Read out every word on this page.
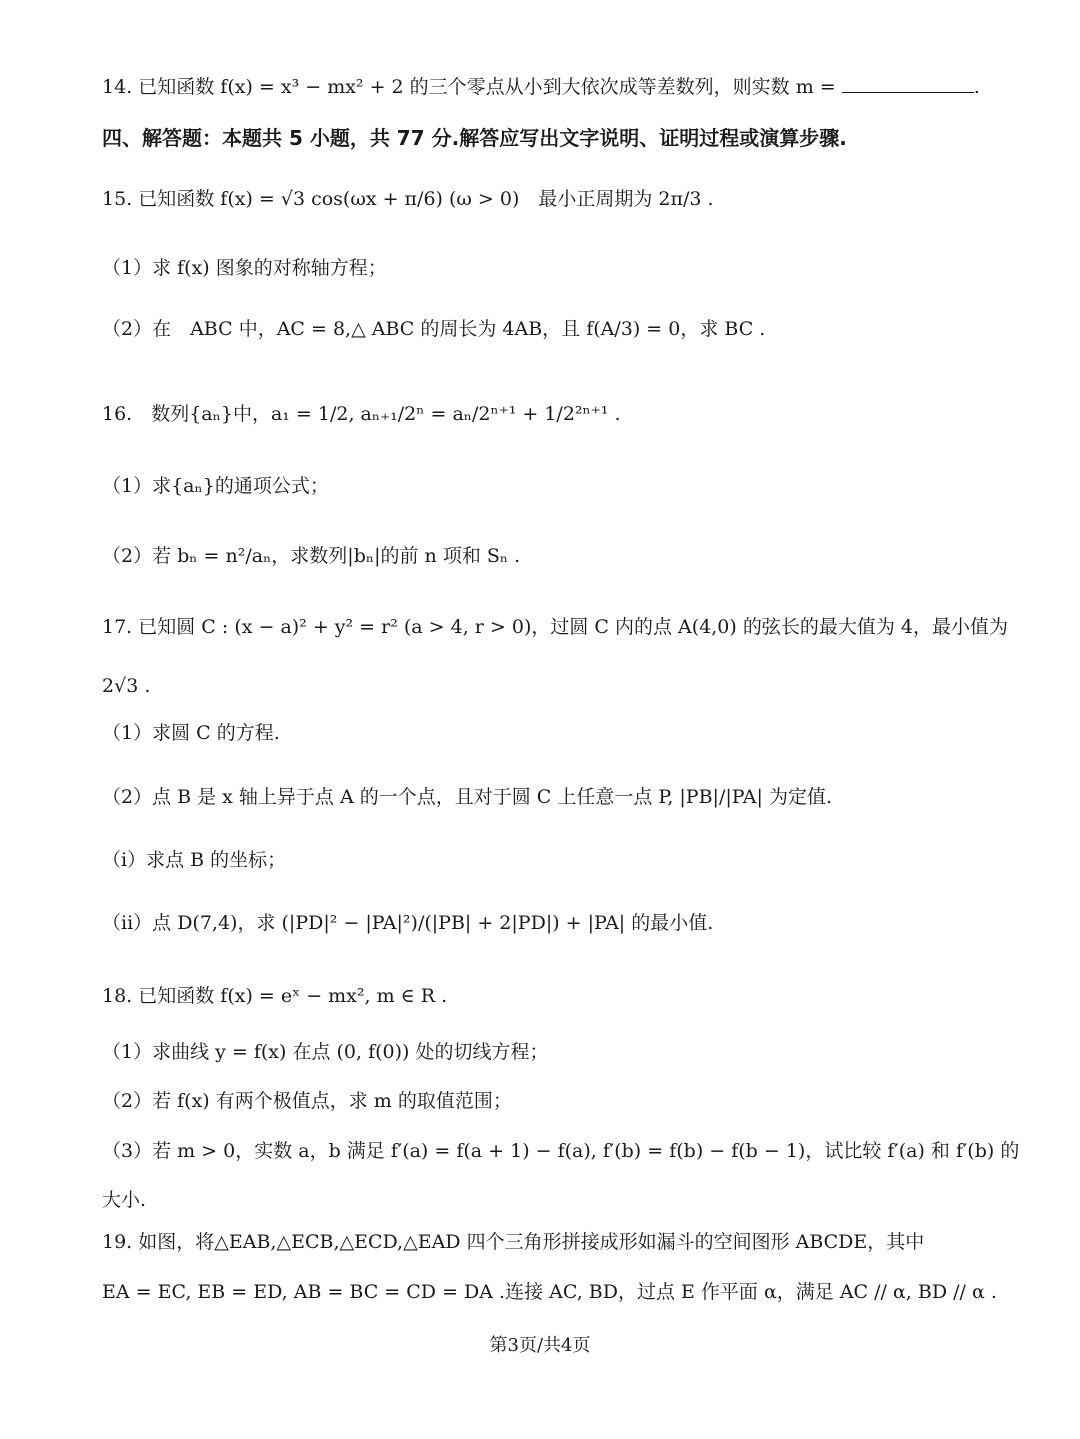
14. 已知函数 f(x) = x³ − mx² + 2 的三个零点从小到大依次成等差数列，则实数 m =	.
四、解答题：本题共 5 小题，共 77 分.解答应写出文字说明、证明过程或演算步骤.
15. 已知函数 f(x) = √3 cos(ωx + π/6) (ω > 0)　最小正周期为 2π/3 .
（1）求 f(x) 图象的对称轴方程；
（2）在　ABC 中，AC = 8,△ ABC 的周长为 4AB，且 f(A/3) = 0，求 BC .
16.　数列{aₙ}中，a₁ = 1/2, aₙ₊₁/2ⁿ = aₙ/2ⁿ⁺¹ + 1/2²ⁿ⁺¹ .
（1）求{aₙ}的通项公式；
（2）若 bₙ = n²/aₙ，求数列|bₙ|的前 n 项和 Sₙ .
17. 已知圆 C : (x − a)² + y² = r² (a > 4, r > 0)，过圆 C 内的点 A(4,0) 的弦长的最大值为 4，最小值为
2√3 .
（1）求圆 C 的方程.
（2）点 B 是 x 轴上异于点 A 的一个点，且对于圆 C 上任意一点 P, |PB|/|PA| 为定值.
（i）求点 B 的坐标；
（ii）点 D(7,4)，求 (|PD|² − |PA|²)/(|PB| + 2|PD|) + |PA| 的最小值.
18. 已知函数 f(x) = eˣ − mx², m ∈ R .
（1）求曲线 y = f(x) 在点 (0, f(0)) 处的切线方程；
（2）若 f(x) 有两个极值点，求 m 的取值范围；
（3）若 m > 0，实数 a，b 满足 f′(a) = f(a + 1) − f(a), f′(b) = f(b) − f(b − 1)，试比较 f′(a) 和 f′(b) 的
大小.
19. 如图，将△EAB,△ECB,△ECD,△EAD 四个三角形拼接成形如漏斗的空间图形 ABCDE，其中
EA = EC, EB = ED, AB = BC = CD = DA .连接 AC, BD，过点 E 作平面 α，满足 AC // α, BD // α .
第3页/共4页
